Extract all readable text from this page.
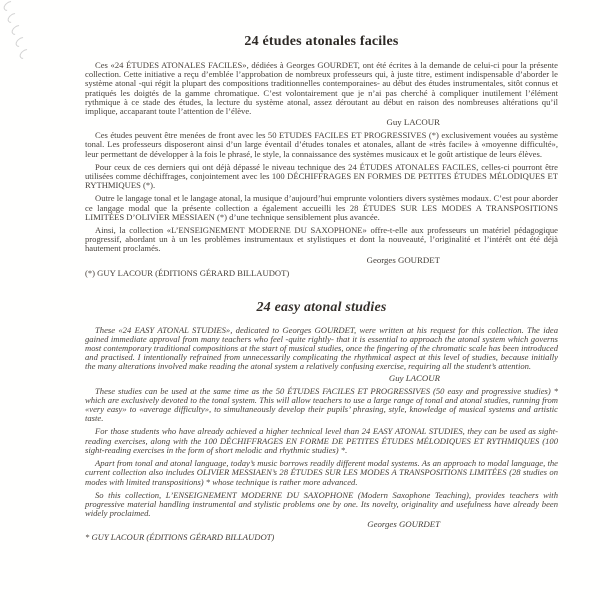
24 études atonales faciles

Ces «24 ÉTUDES ATONALES FACILES», dédiées à Georges GOURDET, ont été écrites à la demande de celui-ci pour la présente collection. Cette initiative a reçu d’emblée l’approbation de nombreux professeurs qui, à juste titre, estiment indispensable d’aborder le système atonal -qui régit la plupart des compositions traditionnelles contemporaines- au début des études instrumentales, sitôt connus et pratiqués les doigtés de la gamme chromatique. C’est volontairement que je n’ai pas cherché à compliquer inutilement l’élément rythmique à ce stade des études, la lecture du système atonal, assez déroutant au début en raison des nombreuses altérations qu’il implique, accaparant toute l’attention de l’élève.

Guy LACOUR

Ces études peuvent être menées de front avec les 50 ETUDES FACILES ET PROGRESSIVES (*) exclusivement vouées au système tonal. Les professeurs disposeront ainsi d’un large éventail d’études tonales et atonales, allant de «très facile» à «moyenne difficulté», leur permettant de développer à la fois le phrasé, le style, la connaissance des systèmes musicaux et le goût artistique de leurs élèves.

Pour ceux de ces derniers qui ont déjà dépassé le niveau technique des 24 ÉTUDES ATONALES FACILES, celles-ci pourront être utilisées comme déchiffrages, conjointement avec les 100 DÉCHIFFRAGES EN FORMES DE PETITES ÉTUDES MÉLODIQUES ET RYTHMIQUES (*).

Outre le langage tonal et le langage atonal, la musique d’aujourd’hui emprunte volontiers divers systèmes modaux. C’est pour aborder ce langage modal que la présente collection a également accueilli les 28 ÉTUDES SUR LES MODES A TRANSPOSITIONS LIMITÉES D’OLIVIER MESSIAEN (*) d’une technique sensiblement plus avancée.

Ainsi, la collection «L’ENSEIGNEMENT MODERNE DU SAXOPHONE» offre-t-elle aux professeurs un matériel pédagogique progressif, abordant un à un les problèmes instrumentaux et stylistiques et dont la nouveauté, l’originalité et l’intérêt ont été déjà hautement proclamés.

Georges GOURDET
(*) GUY LACOUR (ÉDITIONS GÉRARD BILLAUDOT)
24 easy atonal studies

These «24 EASY ATONAL STUDIES», dedicated to Georges GOURDET, were written at his request for this collection. The idea gained immediate approval from many teachers who feel -quite rightly- that it is essential to approach the atonal system which governs most contemporary traditional compositions at the start of musical studies, once the fingering of the chromatic scale has been introduced and practised. I intentionally refrained from unnecessarily complicating the rhythmical aspect at this level of studies, because initially the many alterations involved make reading the atonal system a relatively confusing exercise, requiring all the student’s attention.

Guy LACOUR

These studies can be used at the same time as the 50 ÉTUDES FACILES ET PROGRESSIVES (50 easy and progressive studies) * which are exclusively devoted to the tonal system. This will allow teachers to use a large range of tonal and atonal studies, running from «very easy» to «average difficulty», to simultaneously develop their pupils’ phrasing, style, knowledge of musical systems and artistic taste.

For those students who have already achieved a higher technical level than 24 EASY ATONAL STUDIES, they can be used as sight-reading exercises, along with the 100 DÉCHIFFRAGES EN FORME DE PETITES ÉTUDES MÉLODIQUES ET RYTHMIQUES (100 sight-reading exercises in the form of short melodic and rhythmic studies) *.

Apart from tonal and atonal language, today’s music borrows readily different modal systems. As an approach to modal language, the current collection also includes OLIVIER MESSIAEN’s 28 ÉTUDES SUR LES MODES A TRANSPOSITIONS LIMITÉES (28 studies on modes with limited transpositions) * whose technique is rather more advanced.

So this collection, L’ENSEIGNEMENT MODERNE DU SAXOPHONE (Modern Saxophone Teaching), provides teachers with progressive material handling instrumental and stylistic problems one by one. Its novelty, originality and usefulness have already been widely proclaimed.

Georges GOURDET
* GUY LACOUR (ÉDITIONS GÉRARD BILLAUDOT)
